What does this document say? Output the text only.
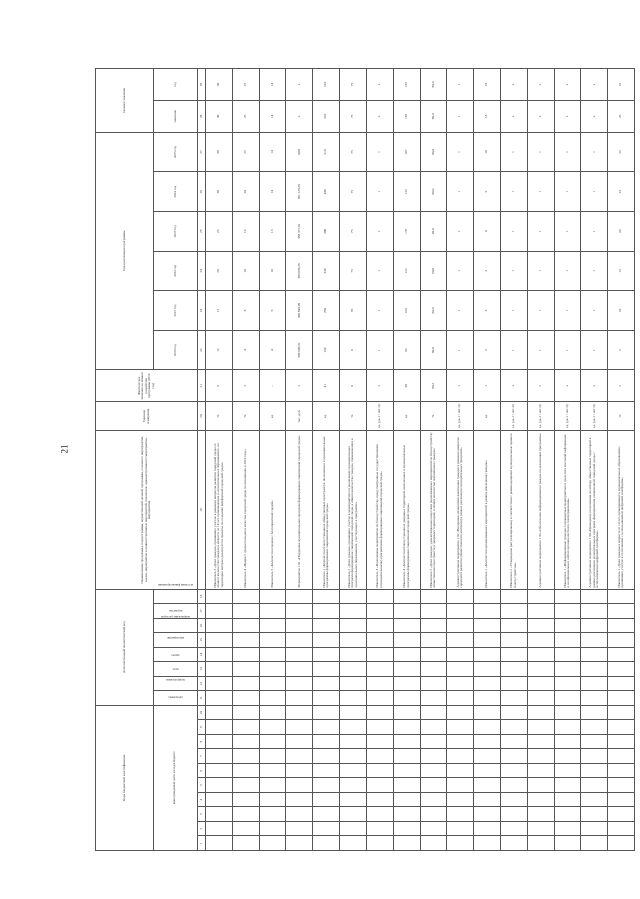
21
Коды бюджетной классификации										Дополнительный аналитический код								Наименование программы, подпрограммы, ведомственной целевой программы, основного мероприятия, задачи, мероприятия и административных мероприятий, показателя, административного мероприятия, мероприятия	Единица измерения	Фактическое значение на момент разработки программы (2019 год)	Годы реализации программы						Целевое значение	
ниже приведенной сметы расходов бюджета										программа	подпрограмма	цель	задача	мероприятие	направление расходов	ведомство	источник финансирования				2020 год	2021 год	2022 год	2023 год	2024 год	2025 год	значение	год
1	2	3	4	5	6	7	8	9	10	11	12	13	14	15	16	17	18	19	20	21	22	23	24	25	26	27	28	29
																		Показатель 3 «Доля граждан, принявших участие в решении вопросов развития городской среды от общего количества граждан в возрасте от 14 лет, проживающих в муниципальных образованиях, на территории которых реализуются проекты по созданию комфортной городской среды»	%	9	12	15	20	25	30	30	30	30
																		Показатель 4 «Прирост среднего индекса качества городской среды по отношению к 2019 году»	%	2	4	8	10	16	20	25	25	25
																		Показатель 5 «Количество городов с благоприятной средой»	ед.	–	4	6	10	13	14	14	14	14
																		Мероприятие 1.01 «Поддержка муниципальных программ формирования современной городской среды»	тыс. руб.	х	398 906,31	368 840,98	383 696,76	358 371,01	391 128,29	0,00	х	х
																		Показатель 1 «Количество благоустроенных общественных пространств, включенных в муниципальные программы формирования современной городской среды»	ед.	41	154	250	336	386	436	510	510	510
																		Показатель 2 «Доля граждан, принявших участие в мероприятиях по реализации муниципальных программ формирования современной городской среды, в общем количестве граждан, проживающих в муниципальных образованиях, участвующих в программе»	%	0	0	70	75	75	75	75	75	75
																		Показатель 3 «Реализованы мероприятия по благоустройству, предусмотренные государственными (муниципальными) программами формирования современной городской среды»	ед. (да-1 / нет-0)	х	1	1	1	1	1	1	х	х
																		Показатель 4 «Количество благоустроенных дворовых территорий, включенных в муниципальные программы формирования современной городской среды»	ед.	38	82	102	122	137	152	167	167	167
																		Показатель 5 «Доля граждан, удовлетворенных качеством реализованных мероприятий по благоустройству общественных пространств и дворовых территорий, в общем количестве опрошенных граждан»	%	88,2	90,0	90,0	90,0	90,0	90,0	90,0	90,0	90,0
																		Административное мероприятие 1.02 «Внедрение механизмов вовлечения граждан в решение вопросов городского развития (общественного контроля) в рамках реализации муниципальных программ»	ед. (да-1 / нет-0)	1	1	1	1	1	1	1	1	1
																		Показатель 1 «Количество организованных мероприятий в рамках вовлечения граждан»	ед.	1	3	3	3	4	5	18	18	18
																		Показатель 2 «Утверждены (актуализированы) в соответствии с рекомендациями муниципальные правила благоустройства»	ед. (да-1 / нет-0)	х	1	1	1	1	1	1	х	х
																		Административное мероприятие 1.03 «Обеспечение информирования граждан по реализации программы»	ед. (да-1 / нет-0)	х	1	1	1	1	1	1	х	х
																		Показатель 1 «Информирование граждан о проводимых мероприятиях в средствах массовой информации и на официальных сайтах органов местного самоуправления»	ед. (да-1 / нет-0)	х	1	1	1	1	1	1	х	х
																		Административное мероприятие 1.04 «Проведение голосования по отбору общественных территорий в рамках реализации муниципальных программ формирования современной городской среды с использованием цифровой платформы»	ед. (да-1 / нет-0)	х	1	1	1	1	1	1	х	х
																		Показатель 1 «Доля граждан в возрасте от 14 лет, проживающих в муниципальных образованиях, принявших участие в голосовании с использованием цифровой платформы»	%	х	5	10	15	20	25	25	25	25
